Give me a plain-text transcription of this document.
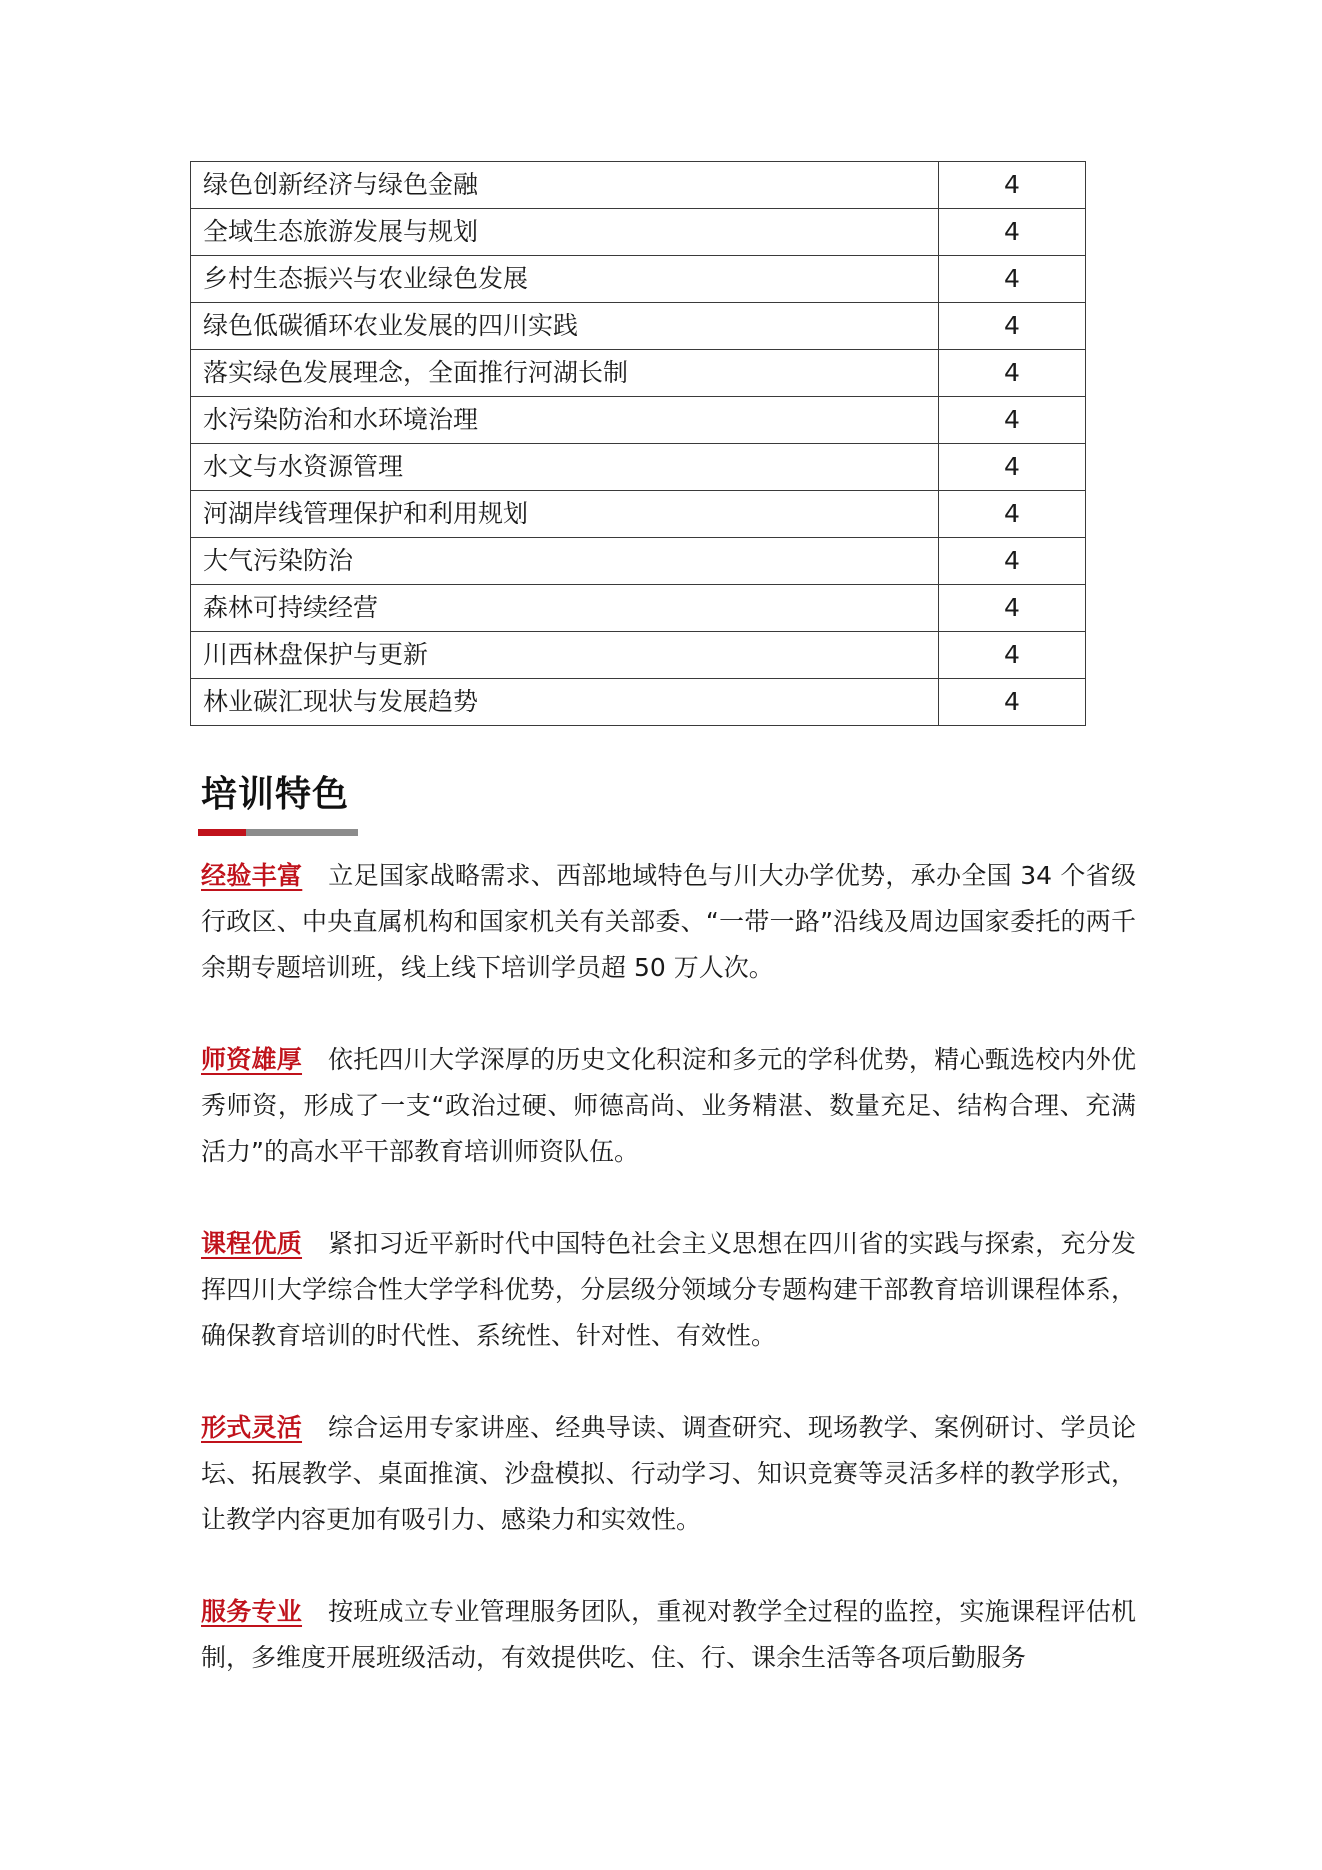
绿色创新经济与绿色金融	4
全域生态旅游发展与规划	4
乡村生态振兴与农业绿色发展	4
绿色低碳循环农业发展的四川实践	4
落实绿色发展理念，全面推行河湖长制	4
水污染防治和水环境治理	4
水文与水资源管理	4
河湖岸线管理保护和利用规划	4
大气污染防治	4
森林可持续经营	4
川西林盘保护与更新	4
林业碳汇现状与发展趋势	4
培训特色

经验丰富 立足国家战略需求、西部地域特色与川大办学优势，承办全国 34 个省级行政区、中央直属机构和国家机关有关部委、“一带一路”沿线及周边国家委托的两千余期专题培训班，线上线下培训学员超 50 万人次。

师资雄厚 依托四川大学深厚的历史文化积淀和多元的学科优势，精心甄选校内外优秀师资，形成了一支“政治过硬、师德高尚、业务精湛、数量充足、结构合理、充满活力”的高水平干部教育培训师资队伍。

课程优质 紧扣习近平新时代中国特色社会主义思想在四川省的实践与探索，充分发挥四川大学综合性大学学科优势，分层级分领域分专题构建干部教育培训课程体系，确保教育培训的时代性、系统性、针对性、有效性。

形式灵活 综合运用专家讲座、经典导读、调查研究、现场教学、案例研讨、学员论坛、拓展教学、桌面推演、沙盘模拟、行动学习、知识竞赛等灵活多样的教学形式，让教学内容更加有吸引力、感染力和实效性。

服务专业 按班成立专业管理服务团队，重视对教学全过程的监控，实施课程评估机制，多维度开展班级活动，有效提供吃、住、行、课余生活等各项后勤服务
